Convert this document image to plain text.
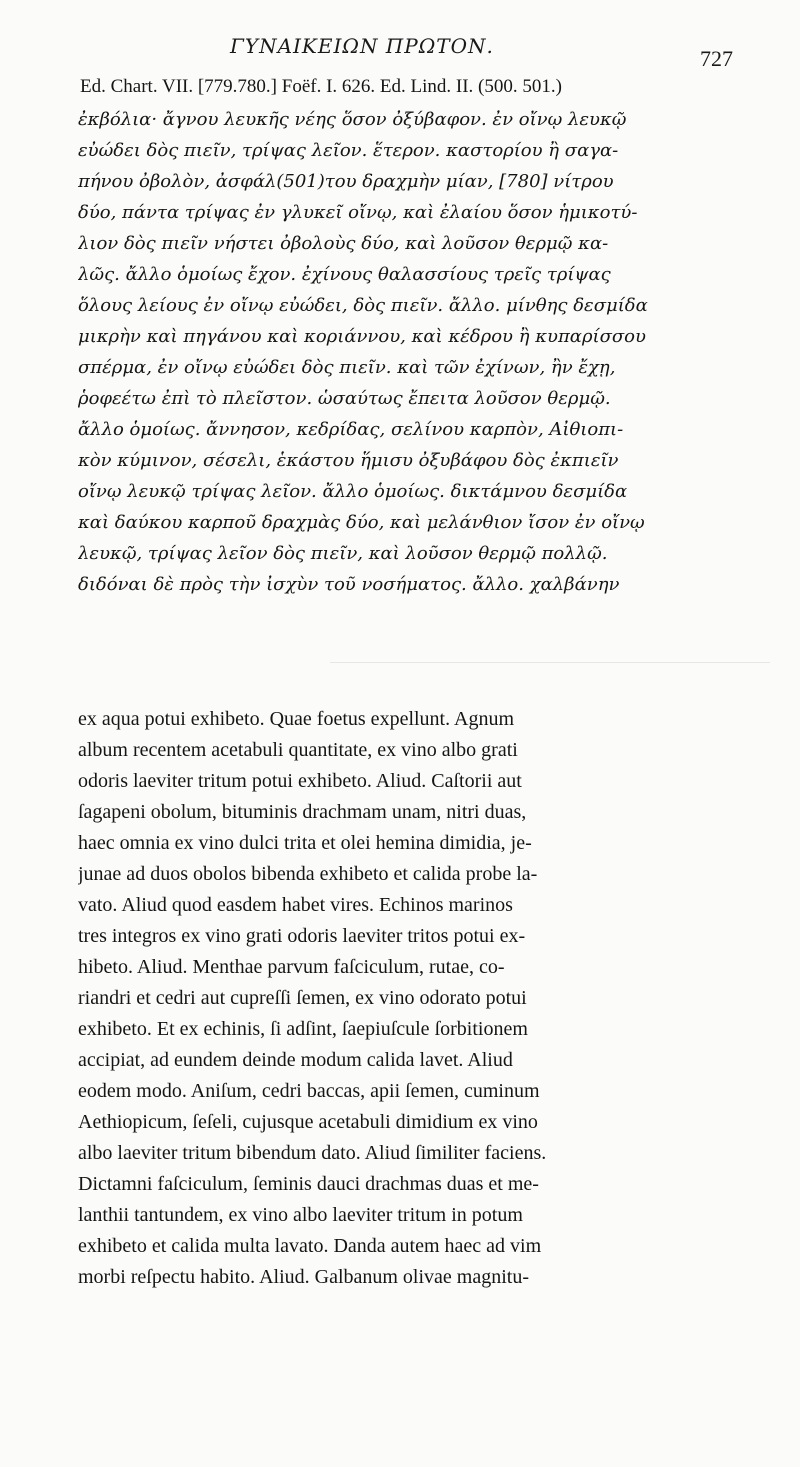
ΓΥΝΑΙΚΕΙΩΝ ΠΡΩΤΟΝ.	727
Ed. Chart. VII. [779.780.] Foëf. I. 626. Ed. Lind. II. (500. 501.)
ἐκβόλια· ἄγνου λευκῆς νέης ὅσον ὀξύβαφον. ἐν οἴνῳ λευκῷ
εὐώδει δὸς πιεῖν, τρίψας λεῖον. ἕτερον. καστορίου ἢ σαγα-
πήνου ὀβολὸν, ἀσφάλ(501)του δραχμὴν μίαν, [780] νίτρου
δύο, πάντα τρίψας ἐν γλυκεῖ οἴνῳ, καὶ ἐλαίου ὅσον ἡμικοτύ-
λιον δὸς πιεῖν νήστει ὀβολοὺς δύο, καὶ λοῦσον θερμῷ κα-
λῶς. ἄλλο ὁμοίως ἔχον. ἐχίνους θαλασσίους τρεῖς τρίψας
ὅλους λείους ἐν οἴνῳ εὐώδει, δὸς πιεῖν. ἄλλο. μίνθης δεσμίδα
μικρὴν καὶ πηγάνου καὶ κοριάννου, καὶ κέδρου ἢ κυπαρίσσου
σπέρμα, ἐν οἴνῳ εὐώδει δὸς πιεῖν. καὶ τῶν ἐχίνων, ἢν ἔχῃ,
ῥοφεέτω ἐπὶ τὸ πλεῖστον. ὡσαύτως ἔπειτα λοῦσον θερμῷ.
ἄλλο ὁμοίως. ἄννησον, κεδρίδας, σελίνου καρπὸν, Αἰθιοπι-
κὸν κύμινον, σέσελι, ἑκάστου ἥμισυ ὀξυβάφου δὸς ἐκπιεῖν
οἴνῳ λευκῷ τρίψας λεῖον. ἄλλο ὁμοίως. δικτάμνου δεσμίδα
καὶ δαύκου καρποῦ δραχμὰς δύο, καὶ μελάνθιον ἴσον ἐν οἴνῳ
λευκῷ, τρίψας λεῖον δὸς πιεῖν, καὶ λοῦσον θερμῷ πολλῷ.
διδόναι δὲ πρὸς τὴν ἰσχὺν τοῦ νοσήματος. ἄλλο. χαλβάνην
ex aqua potui exhibeto. Quae foetus expellunt. Agnum
album recentem acetabuli quantitate, ex vino albo grati
odoris laeviter tritum potui exhibeto. Aliud. Caſtorii aut
ſagapeni obolum, bituminis drachmam unam, nitri duas,
haec omnia ex vino dulci trita et olei hemina dimidia, je-
junae ad duos obolos bibenda exhibeto et calida probe la-
vato. Aliud quod easdem habet vires. Echinos marinos
tres integros ex vino grati odoris laeviter tritos potui ex-
hibeto. Aliud. Menthae parvum faſciculum, rutae, co-
riandri et cedri aut cupreſſi ſemen, ex vino odorato potui
exhibeto. Et ex echinis, ſi adſint, ſaepiuſcule ſorbitionem
accipiat, ad eundem deinde modum calida lavet. Aliud
eodem modo. Aniſum, cedri baccas, apii ſemen, cuminum
Aethiopicum, ſeſeli, cujusque acetabuli dimidium ex vino
albo laeviter tritum bibendum dato. Aliud ſimiliter faciens.
Dictamni faſciculum, ſeminis dauci drachmas duas et me-
lanthii tantundem, ex vino albo laeviter tritum in potum
exhibeto et calida multa lavato. Danda autem haec ad vim
morbi reſpectu habito. Aliud. Galbanum olivae magnitu-
